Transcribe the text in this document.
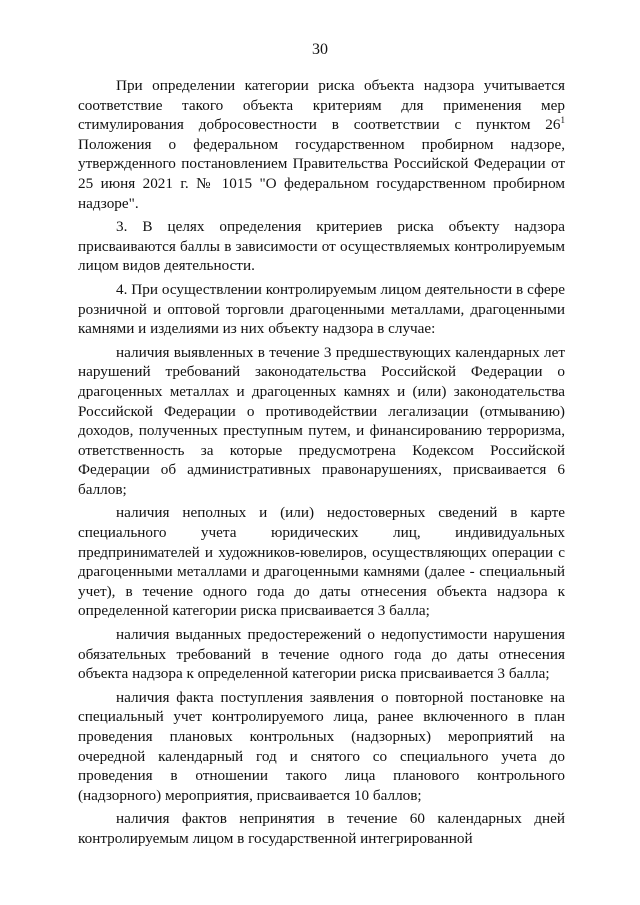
30

При определении категории риска объекта надзора учитывается соответствие такого объекта критериям для применения мер стимулирования добросовестности в соответствии с пунктом $26^1$ Положения о федеральном государственном пробирном надзоре, утвержденного постановлением Правительства Российской Федерации от 25 июня 2021 г. № 1015 "О федеральном государственном пробирном надзоре".

3. В целях определения критериев риска объекту надзора присваиваются баллы в зависимости от осуществляемых контролируемым лицом видов деятельности.

4. При осуществлении контролируемым лицом деятельности в сфере розничной и оптовой торговли драгоценными металлами, драгоценными камнями и изделиями из них объекту надзора в случае:

наличия выявленных в течение 3 предшествующих календарных лет нарушений требований законодательства Российской Федерации о драгоценных металлах и драгоценных камнях и (или) законодательства Российской Федерации о противодействии легализации (отмыванию) доходов, полученных преступным путем, и финансированию терроризма, ответственность за которые предусмотрена Кодексом Российской Федерации об административных правонарушениях, присваивается 6 баллов;

наличия неполных и (или) недостоверных сведений в карте специального учета юридических лиц, индивидуальных предпринимателей и художников-ювелиров, осуществляющих операции с драгоценными металлами и драгоценными камнями (далее - специальный учет), в течение одного года до даты отнесения объекта надзора к определенной категории риска присваивается 3 балла;

наличия выданных предостережений о недопустимости нарушения обязательных требований в течение одного года до даты отнесения объекта надзора к определенной категории риска присваивается 3 балла;

наличия факта поступления заявления о повторной постановке на специальный учет контролируемого лица, ранее включенного в план проведения плановых контрольных (надзорных) мероприятий на очередной календарный год и снятого со специального учета до проведения в отношении такого лица планового контрольного (надзорного) мероприятия, присваивается 10 баллов;

наличия фактов непринятия в течение 60 календарных дней контролируемым лицом в государственной интегрированной
